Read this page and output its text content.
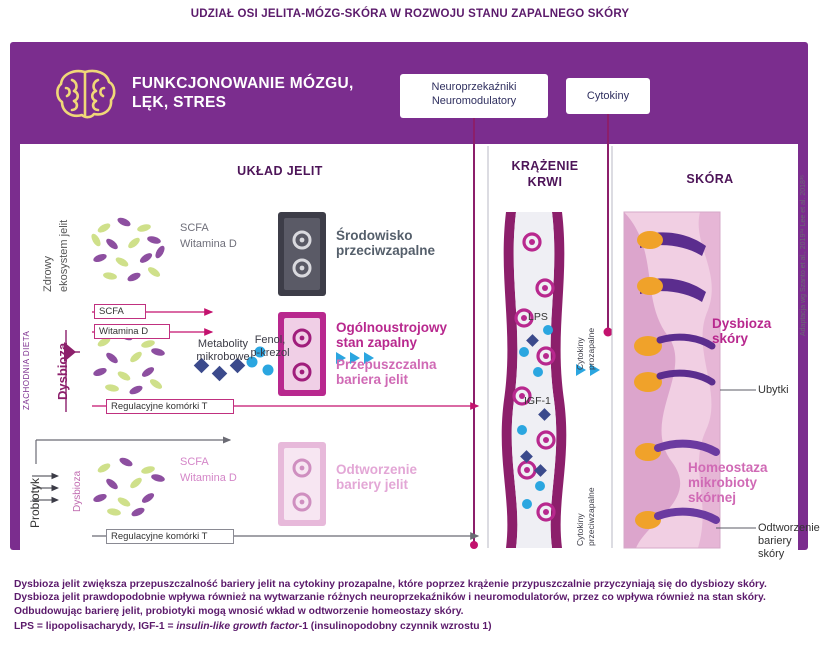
UDZIAŁ OSI JELITA-MÓZG-SKÓRA W ROZWOJU STANU ZAPALNEGO SKÓRY
FUNKCJONOWANIE MÓZGU,
LĘK, STRES
Neuroprzekaźniki
Neuromodulatory	Cytokiny
UKŁAD JELIT	KRĄŻENIE
KRWI	SKÓRA
Zdrowy ekosystem jelit
ZACHODNIA DIETA Dysbioza
Probiotyk	Dysbioza
SCFA
Witamina D
Środowisko
przeciwzapalne
SCFA
Witamina D
Regulacyjne komórki T
Metabolity
mikrobowe
Fenol,
p-krezol
Ogólnoustrojowy
stan zapalny
Przepuszczalna
bariera jelit
SCFA
Witamina D
Regulacyjne komórki T
Odtworzenie
bariery jelit
LPS
IGF-1
Cytokiny prozapalne
Cytokiny przeciwzapalne
Dysbioza
skóry
Ubytki
Homeostaza
mikrobioty
skórnej
Odtworzenie
bariery skóry
Adaptacja wg Szanto et al., 2019³⁴ Lee et al. 2018³⁵
Dysbioza jelit zwiększa przepuszczalność bariery jelit na cytokiny prozapalne, które poprzez krążenie przypuszczalnie przyczyniają się do dysbiozy skóry. Dysbioza jelit prawdopodobnie wpływa również na wytwarzanie różnych neuroprzekaźników i neuromodulatorów, przez co wpływa również na stan skóry. Odbudowując barierę jelit, probiotyki mogą wnosić wkład w odtworzenie homeostazy skóry.
LPS = lipopolisacharydy, IGF-1 = insulin-like growth factor-1 (insulinopodobny czynnik wzrostu 1)
